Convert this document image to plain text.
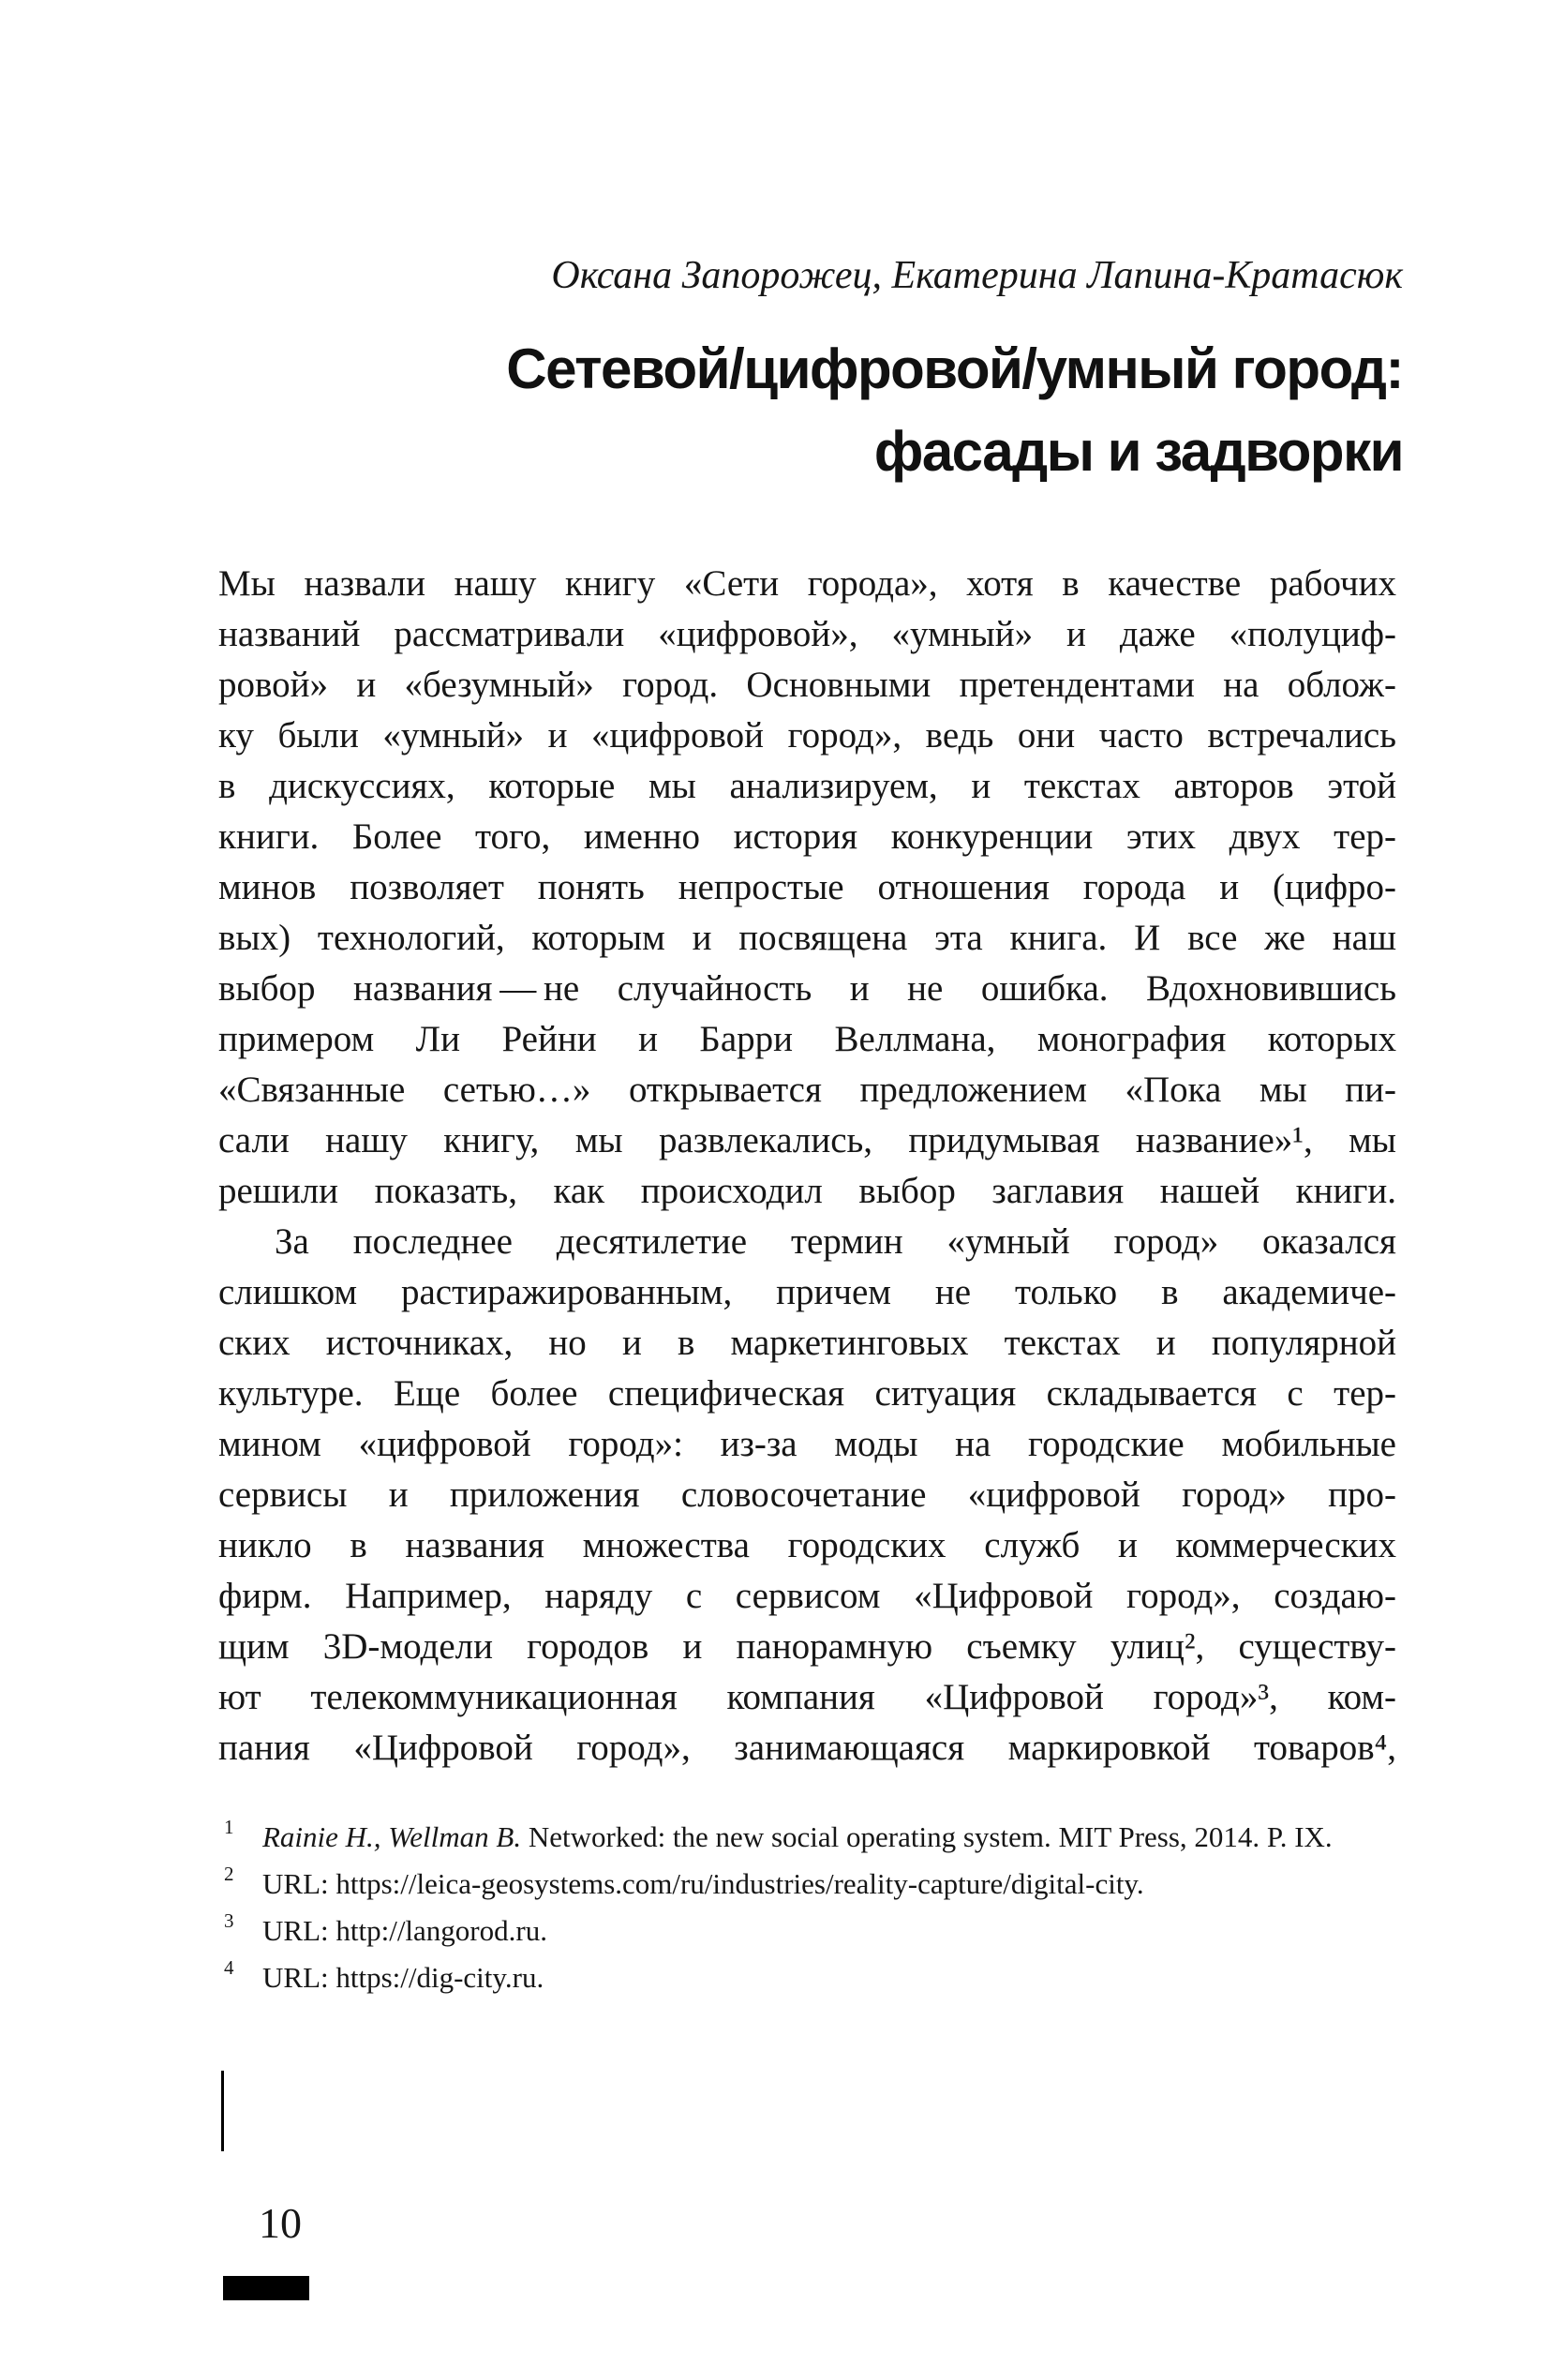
Оксана Запорожец, Екатерина Лапина-Кратасюк
Сетевой/цифровой/умный город:
фасады и задворки
Мы назвали нашу книгу «Сети города», хотя в качестве рабочих
названий рассматривали «цифровой», «умный» и даже «полуциф-
ровой» и «безумный» город. Основными претендентами на облож-
ку были «умный» и «цифровой город», ведь они часто встречались
в дискуссиях, которые мы анализируем, и текстах авторов этой
книги. Более того, именно история конкуренции этих двух тер-
минов позволяет понять непростые отношения города и (цифро-
вых) технологий, которым и посвящена эта книга. И все же наш
выбор названия — не случайность и не ошибка. Вдохновившись
примером Ли Рейни и Барри Веллмана, монография которых
«Связанные сетью…» открывается предложением «Пока мы пи-
сали нашу книгу, мы развлекались, придумывая название»¹, мы
решили показать, как происходил выбор заглавия нашей книги.
За последнее десятилетие термин «умный город» оказался
слишком растиражированным, причем не только в академиче-
ских источниках, но и в маркетинговых текстах и популярной
культуре. Еще более специфическая ситуация складывается с тер-
мином «цифровой город»: из-за моды на городские мобильные
сервисы и приложения словосочетание «цифровой город» про-
никло в названия множества городских служб и коммерческих
фирм. Например, наряду с сервисом «Цифровой город», создаю-
щим 3D-модели городов и панорамную съемку улиц², существу-
ют телекоммуникационная компания «Цифровой город»³, ком-
пания «Цифровой город», занимающаяся маркировкой товаров⁴,
1 Rainie H., Wellman B. Networked: the new social operating system. MIT Press, 2014. P. IX.
2 URL: https://leica-geosystems.com/ru/industries/reality-capture/digital-city.
3 URL: http://langorod.ru.
4 URL: https://dig-city.ru.
10
